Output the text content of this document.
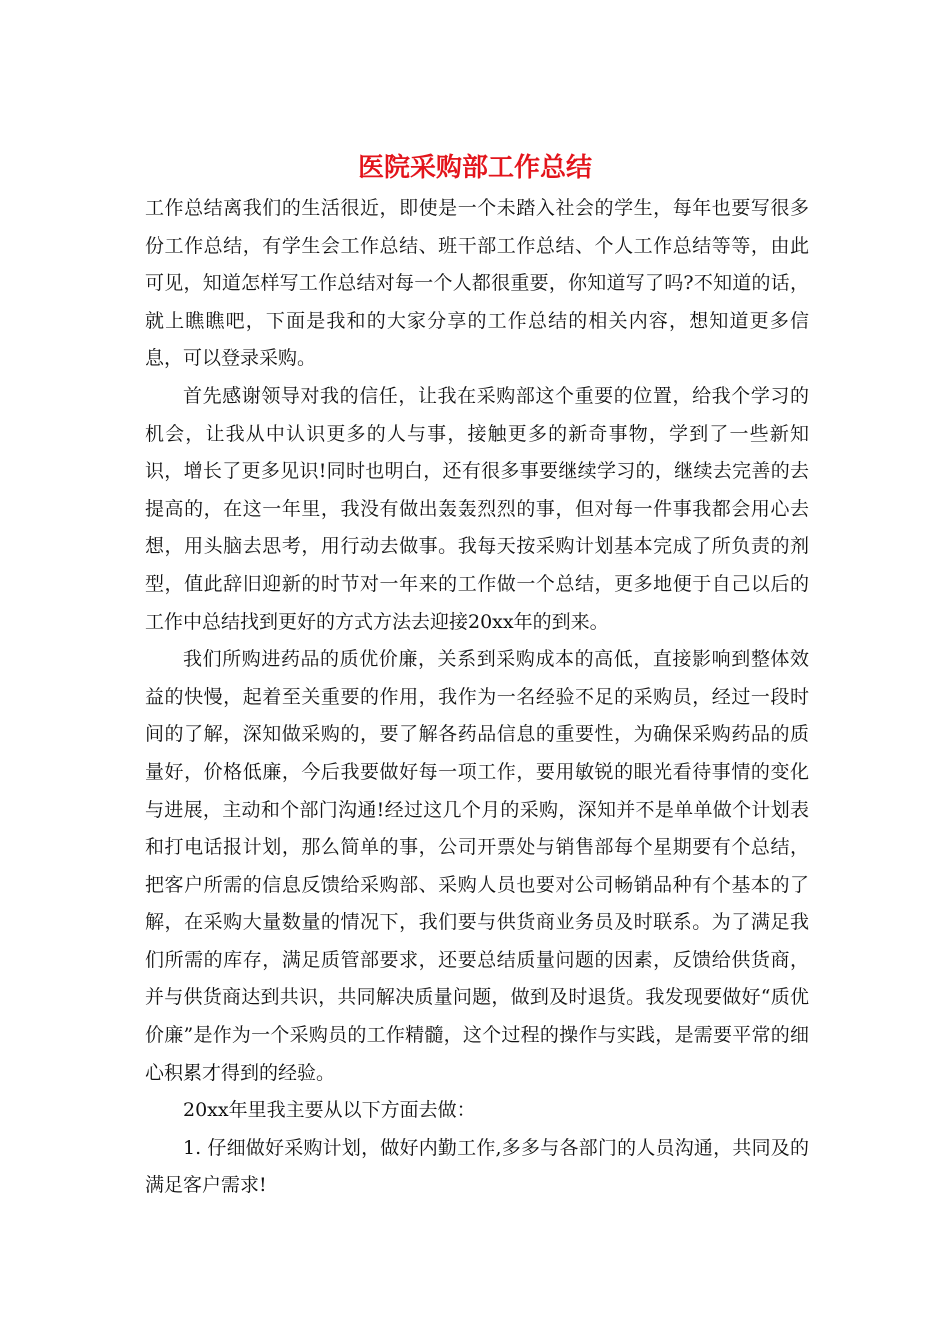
医院采购部工作总结

工作总结离我们的生活很近，即使是一个未踏入社会的学生，每年也要写很多份工作总结，有学生会工作总结、班干部工作总结、个人工作总结等等，由此可见，知道怎样写工作总结对每一个人都很重要，你知道写了吗?不知道的话，就上瞧瞧吧，下面是我和的大家分享的工作总结的相关内容，想知道更多信息，可以登录采购。

首先感谢领导对我的信任，让我在采购部这个重要的位置，给我个学习的机会，让我从中认识更多的人与事，接触更多的新奇事物，学到了一些新知识，增长了更多见识!同时也明白，还有很多事要继续学习的，继续去完善的去提高的，在这一年里，我没有做出轰轰烈烈的事，但对每一件事我都会用心去想，用头脑去思考，用行动去做事。我每天按采购计划基本完成了所负责的剂型，值此辞旧迎新的时节对一年来的工作做一个总结，更多地便于自己以后的工作中总结找到更好的方式方法去迎接20xx年的到来。

我们所购进药品的质优价廉，关系到采购成本的高低，直接影响到整体效益的快慢，起着至关重要的作用，我作为一名经验不足的采购员，经过一段时间的了解，深知做采购的，要了解各药品信息的重要性，为确保采购药品的质量好，价格低廉，今后我要做好每一项工作，要用敏锐的眼光看待事情的变化与进展，主动和个部门沟通!经过这几个月的采购，深知并不是单单做个计划表和打电话报计划，那么简单的事，公司开票处与销售部每个星期要有个总结，把客户所需的信息反馈给采购部、采购人员也要对公司畅销品种有个基本的了解，在采购大量数量的情况下，我们要与供货商业务员及时联系。为了满足我们所需的库存，满足质管部要求，还要总结质量问题的因素，反馈给供货商，并与供货商达到共识，共同解决质量问题，做到及时退货。我发现要做好“质优价廉”是作为一个采购员的工作精髓，这个过程的操作与实践，是需要平常的细心积累才得到的经验。

20xx年里我主要从以下方面去做：

1. 仔细做好采购计划，做好内勤工作,多多与各部门的人员沟通，共同及的满足客户需求!
